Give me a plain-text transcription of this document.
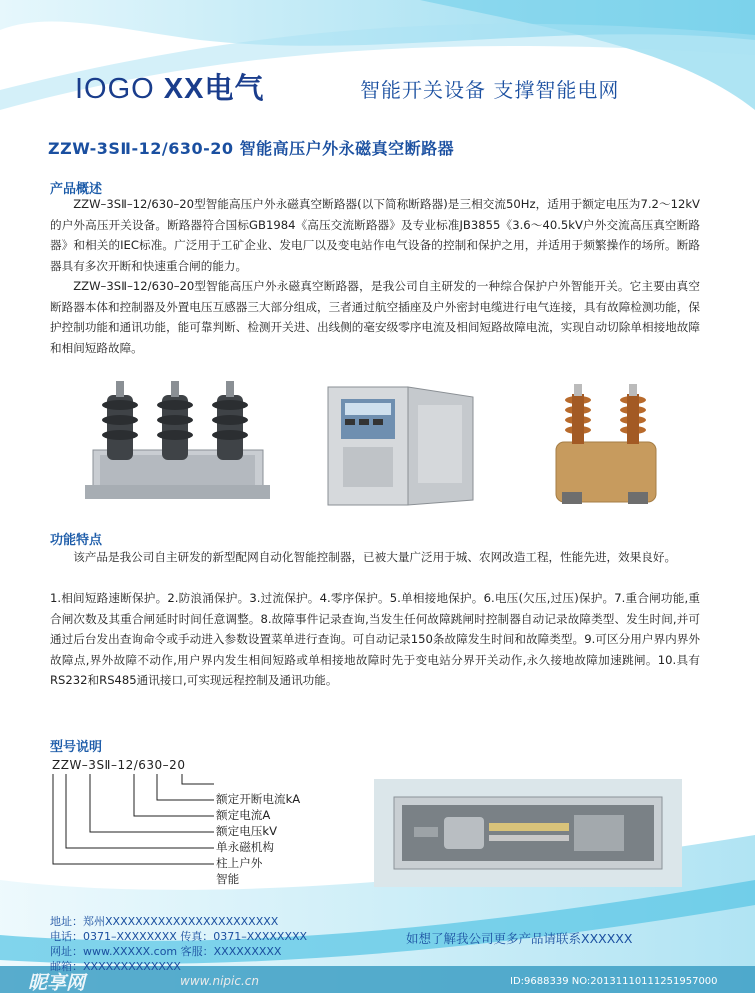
IOGO XX电气	智能开关设备 支撑智能电网
ZZW-3SⅡ-12/630-20 智能高压户外永磁真空断路器
产品概述

ZZW–3SⅡ–12/630–20型智能高压户外永磁真空断路器(以下简称断路器)是三相交流50Hz，适用于额定电压为7.2～12kV的户外高压开关设备。断路器符合国标GB1984《高压交流断路器》及专业标准JB3855《3.6～40.5kV户外交流高压真空断路器》和相关的IEC标准。广泛用于工矿企业、发电厂以及变电站作电气设备的控制和保护之用，并适用于频繁操作的场所。断路器具有多次开断和快速重合闸的能力。

ZZW–3SⅡ–12/630–20型智能高压户外永磁真空断路器，是我公司自主研发的一种综合保护户外智能开关。它主要由真空断路器本体和控制器及外置电压互感器三大部分组成，三者通过航空插座及户外密封电缆进行电气连接，具有故障检测功能，保护控制功能和通讯功能，能可靠判断、检测开关进、出线侧的毫安级零序电流及相间短路故障电流，实现自动切除单相接地故障和相间短路故障。

功能特点

该产品是我公司自主研发的新型配网自动化智能控制器，已被大量广泛用于城、农网改造工程，性能先进，效果良好。

1.相间短路速断保护。2.防浪涌保护。3.过流保护。4.零序保护。5.单相接地保护。6.电压(欠压,过压)保护。7.重合闸功能,重合闸次数及其重合闸延时时间任意调整。8.故障事件记录查询,当发生任何故障跳闸时控制器自动记录故障类型、发生时间,并可通过后台发出查询命令或手动进入参数设置菜单进行查询。可自动记录150条故障发生时间和故障类型。9.可区分用户界内界外故障点,界外故障不动作,用户界内发生相间短路或单相接地故障时先于变电站分界开关动作,永久接地故障加速跳闸。10.具有RS232和RS485通讯接口,可实现远程控制及通讯功能。

型号说明
ZZW–3SⅡ–12/630–20
额定开断电流kA
额定电流A
额定电压kV
单永磁机构
柱上户外
智能
地址：郑州XXXXXXXXXXXXXXXXXXXXXXX
电话：0371–XXXXXXXX 传真：0371–XXXXXXXX
网址：www.XXXXX.com 客服：XXXXXXXXX
邮箱：XXXXXXXXXXXXX
如想了解我公司更多产品请联系XXXXXX
昵享网	www.nipic.cn	ID:9688339 NO:20131110111251957000
